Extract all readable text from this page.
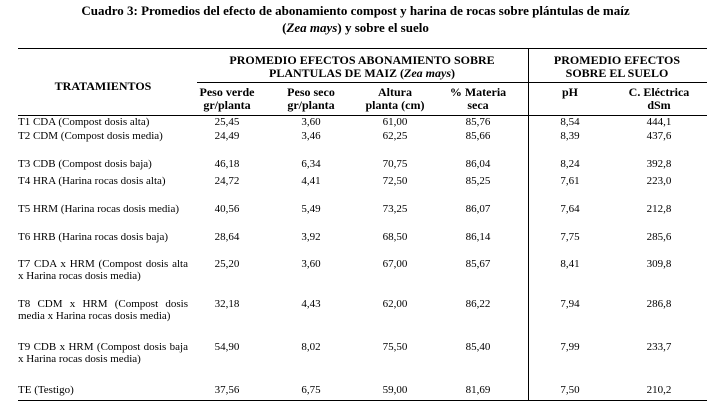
Cuadro 3: Promedios del efecto de abonamiento compost y harina de rocas sobre plántulas de maíz
(Zea mays) y sobre el suelo
TRATAMIENTOS
PROMEDIO EFECTOS ABONAMIENTO SOBRE
PLANTULAS DE MAIZ (Zea mays)
PROMEDIO EFECTOS
SOBRE EL SUELO
Peso verde
gr/planta
Peso seco
gr/planta
Altura
planta (cm)
% Materia
seca
pH	C. Eléctrica
dSm
T1 CDA (Compost dosis alta)	25,45	3,60	61,00	85,76	8,54	444,1
T2 CDM (Compost dosis media)	24,49	3,46	62,25	85,66	8,39	437,6
T3 CDB (Compost dosis baja)	46,18	6,34	70,75	86,04	8,24	392,8
T4 HRA (Harina rocas dosis alta)	24,72	4,41	72,50	85,25	7,61	223,0
T5 HRM (Harina rocas dosis media)	40,56	5,49	73,25	86,07	7,64	212,8
T6 HRB (Harina rocas dosis baja)	28,64	3,92	68,50	86,14	7,75	285,6
T7 CDA x HRM (Compost dosis alta x Harina rocas dosis media)
25,20	3,60	67,00	85,67	8,41	309,8
T8 CDM x HRM (Compost dosis media x Harina rocas dosis media)
32,18	4,43	62,00	86,22	7,94	286,8
T9 CDB x HRM (Compost dosis baja x Harina rocas dosis media)
54,90	8,02	75,50	85,40	7,99	233,7
TE (Testigo)	37,56	6,75	59,00	81,69	7,50	210,2
